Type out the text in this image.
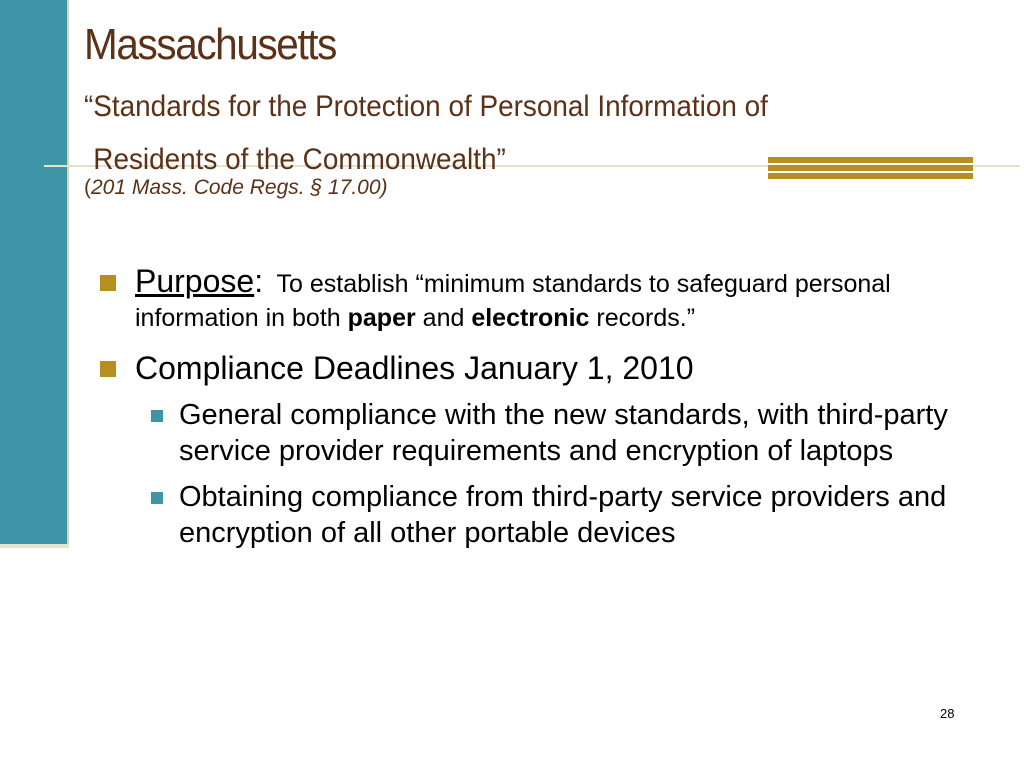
Massachusetts
“Standards for the Protection of Personal Information of
Residents of the Commonwealth”
(201 Mass. Code Regs. § 17.00)
Purpose: To establish “minimum standards to safeguard personal information in both paper and electronic records.”
Compliance Deadlines January 1, 2010
General compliance with the new standards, with third-party service provider requirements and encryption of laptops
Obtaining compliance from third-party service providers and encryption of all other portable devices
28
